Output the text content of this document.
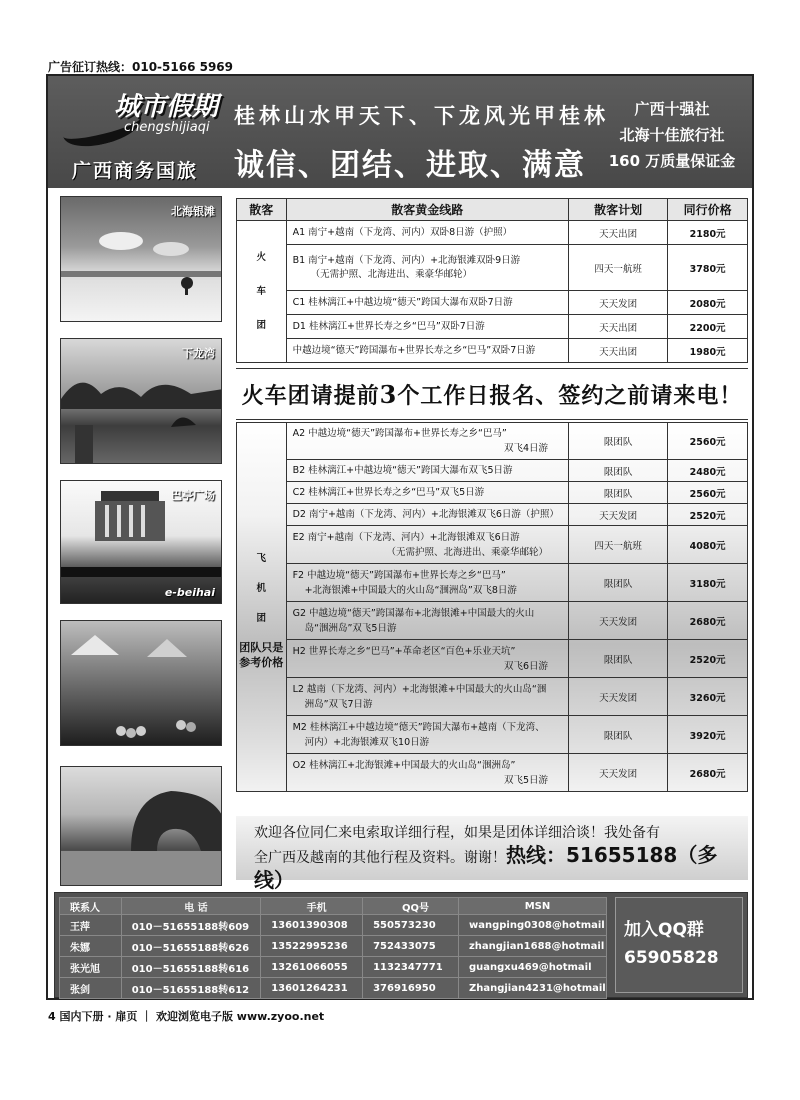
广告征订热线：010-5166 5969
城市假期
chengshijiaqi
广西商务国旅
桂林山水甲天下、下龙风光甲桂林
诚信、团结、进取、满意
广西十强社
北海十佳旅行社
160 万质量保证金
北海银滩
下龙湾
巴亭广场
e-beihai
散客	散客黄金线路	散客计划	同行价格
火
车
团	A1 南宁+越南（下龙湾、河内）双卧8日游（护照）	天天出团	2180元
	B1 南宁+越南（下龙湾、河内）+北海银滩双卧9日游
（无需护照、北海进出、乘豪华邮轮）	四天一航班	3780元
	C1 桂林漓江+中越边境“德天”跨国大瀑布双卧7日游	天天发团	2080元
	D1 桂林漓江+世界长寿之乡“巴马”双卧7日游	天天出团	2200元
	中越边境“德天”跨国瀑布+世界长寿之乡“巴马”双卧7日游	天天出团	1980元
火车团请提前3个工作日报名、签约之前请来电！
飞
机
团
团队只是参考价格	A2 中越边境“德天”跨国瀑布+世界长寿之乡“巴马”
双飞4日游	限团队	2560元
	B2 桂林漓江+中越边境“德天”跨国大瀑布双飞5日游	限团队	2480元
	C2 桂林漓江+世界长寿之乡“巴马”双飞5日游	限团队	2560元
	D2 南宁+越南（下龙湾、河内）+北海银滩双飞6日游（护照）	天天发团	2520元
	E2 南宁+越南（下龙湾、河内）+北海银滩双飞6日游
（无需护照、北海进出、乘豪华邮轮）	四天一航班	4080元
	F2 中越边境“德天”跨国瀑布+世界长寿之乡“巴马”
+北海银滩+中国最大的火山岛“涠洲岛”双飞8日游	限团队	3180元
	G2 中越边境“德天”跨国瀑布+北海银滩+中国最大的火山
岛“涠洲岛”双飞5日游	天天发团	2680元
	H2 世界长寿之乡“巴马”+革命老区“百色+乐业天坑”
双飞6日游	限团队	2520元
	L2 越南（下龙湾、河内）+北海银滩+中国最大的火山岛“涠
洲岛”双飞7日游	天天发团	3260元
	M2 桂林漓江+中越边境“德天”跨国大瀑布+越南（下龙湾、
河内）+北海银滩双飞10日游	限团队	3920元
	O2 桂林漓江+北海银滩+中国最大的火山岛“涠洲岛”
双飞5日游	天天发团	2680元
欢迎各位同仁来电索取详细行程，如果是团体详细洽谈！我处备有
全广西及越南的其他行程及资料。谢谢！热线：51655188（多线）
联系人	电 话	手机	QQ号	MSN
王萍	010－51655188转609	13601390308	550573230	wangping0308@hotmail
朱娜	010－51655188转626	13522995236	752433075	zhangjian1688@hotmail
张光旭	010－51655188转616	13261066055	1132347771	guangxu469@hotmail
张剑	010－51655188转612	13601264231	376916950	Zhangjian4231@hotmail
加入QQ群
65905828
4 国内下册 · 扉页 ｜ 欢迎浏览电子版 www.zyoo.net
